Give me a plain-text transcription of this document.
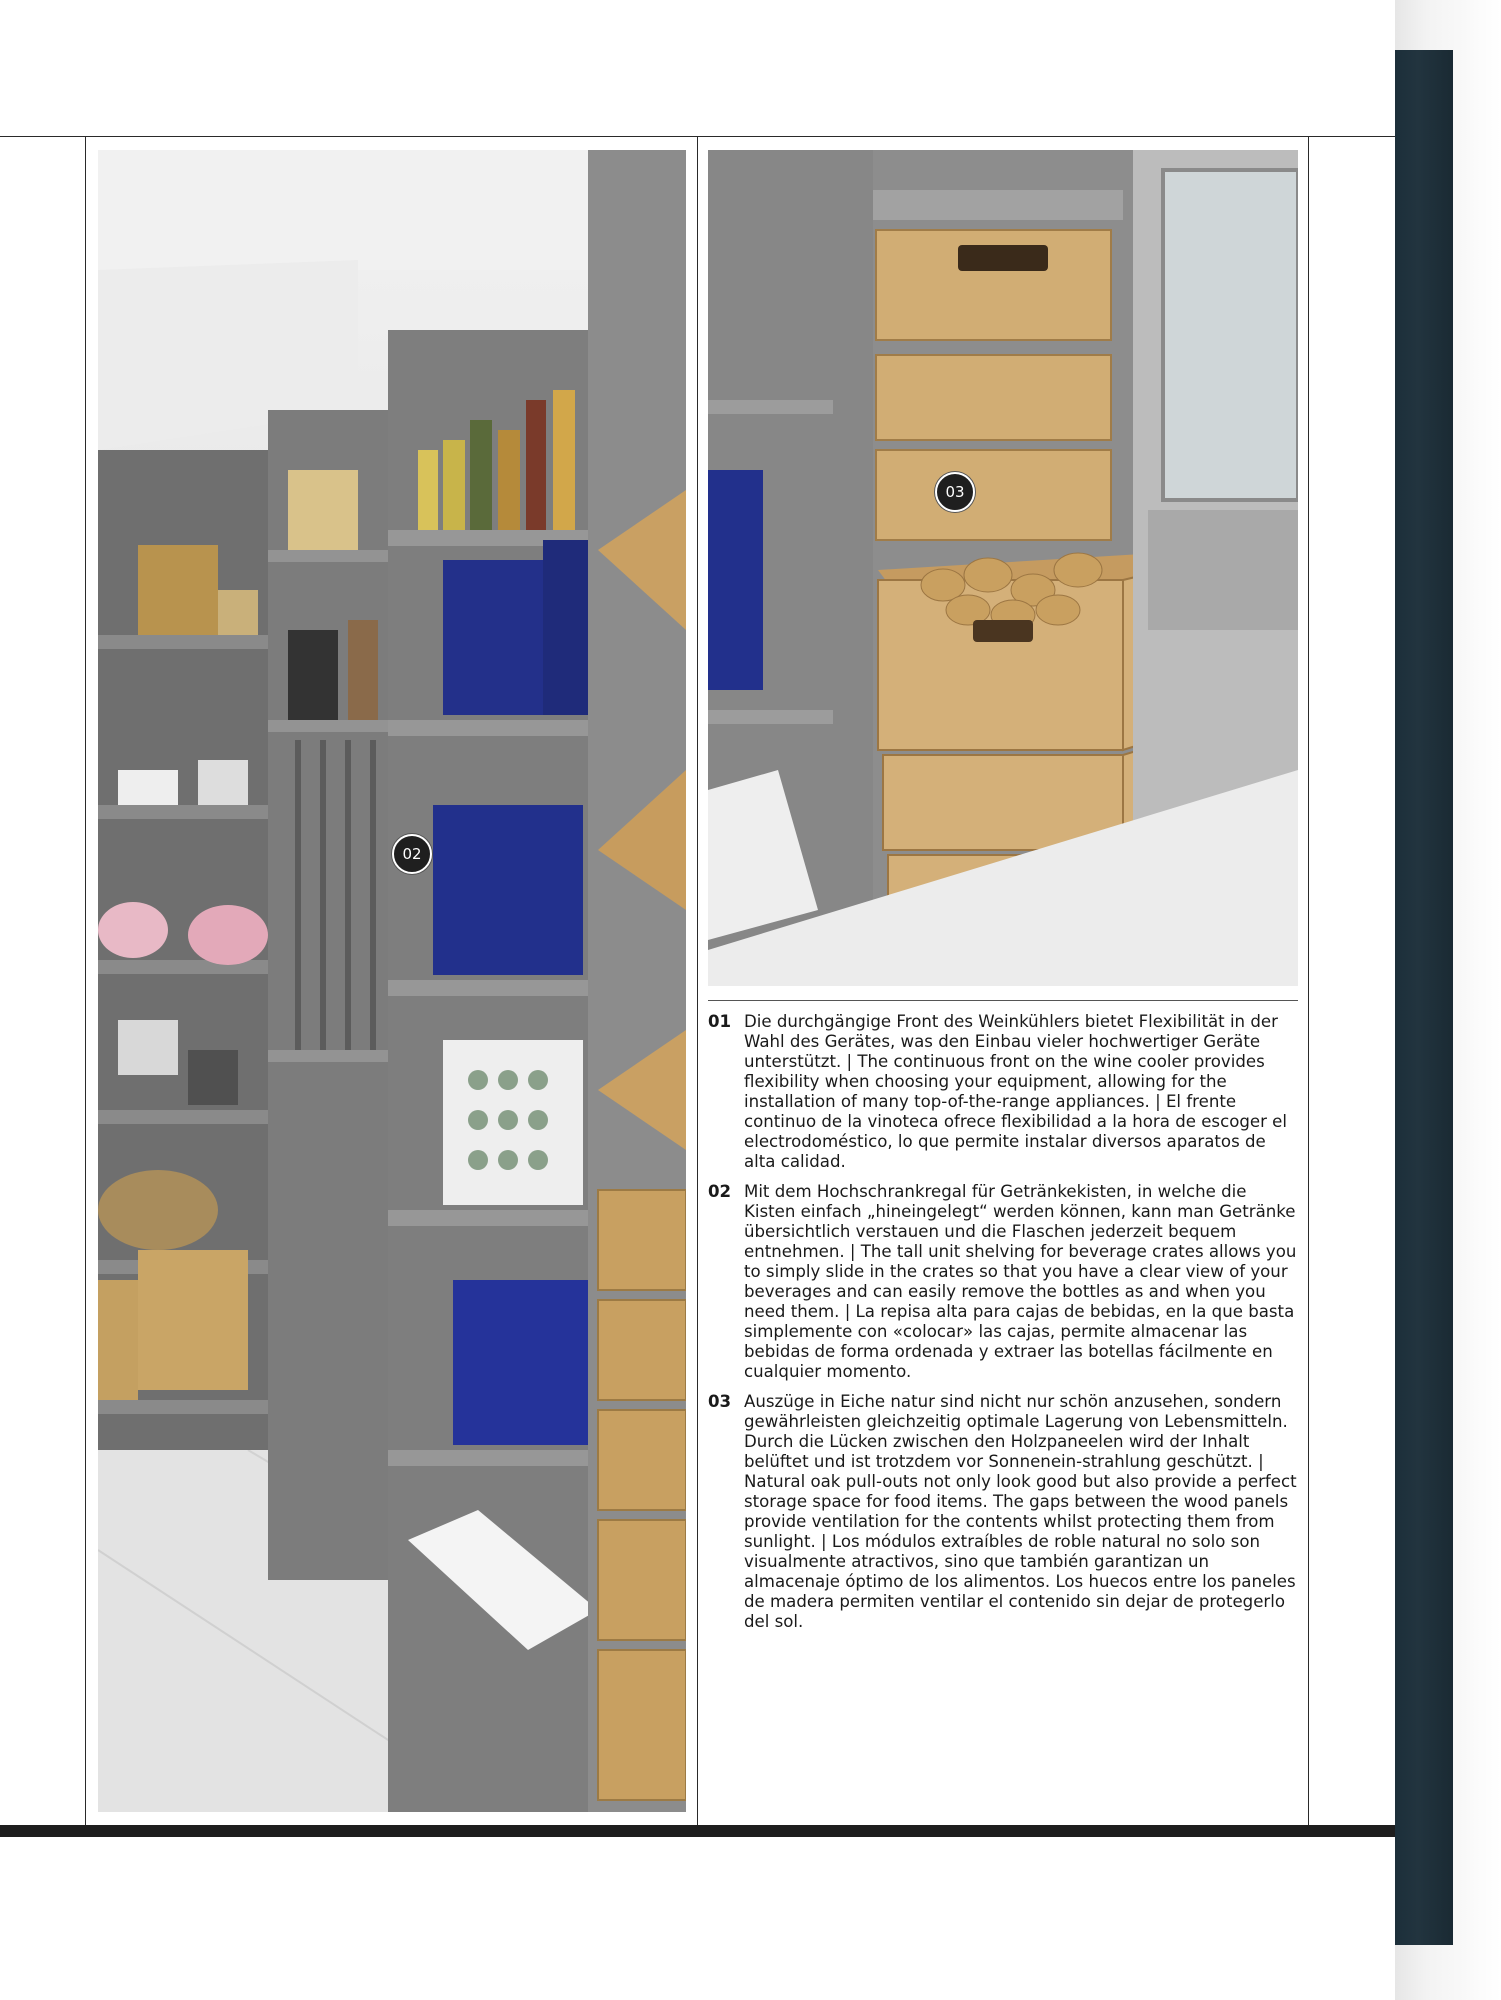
02
03
01 Die durchgängige Front des Weinkühlers bietet Flexibilität in der Wahl des Gerätes, was den Einbau vieler hochwertiger Geräte unterstützt. | The continuous front on the wine cooler provides flexibility when choosing your equipment, allowing for the installation of many top-of-the-range appliances. | El frente continuo de la vinoteca ofrece flexibilidad a la hora de escoger el electrodoméstico, lo que permite instalar diversos aparatos de alta calidad.
02 Mit dem Hochschrankregal für Getränkekisten, in welche die Kisten einfach „hineingelegt“ werden können, kann man Getränke übersichtlich verstauen und die Flaschen jederzeit bequem entnehmen. | The tall unit shelving for beverage crates allows you to simply slide in the crates so that you have a clear view of your beverages and can easily remove the bottles as and when you need them. | La repisa alta para cajas de bebidas, en la que basta simplemente con «colocar» las cajas, permite almacenar las bebidas de forma ordenada y extraer las botellas fácilmente en cualquier momento.
03 Auszüge in Eiche natur sind nicht nur schön anzusehen, sondern gewährleisten gleichzeitig optimale Lagerung von Lebensmitteln. Durch die Lücken zwischen den Holzpaneelen wird der Inhalt belüftet und ist trotzdem vor Sonnenein-strahlung geschützt. | Natural oak pull-outs not only look good but also provide a perfect storage space for food items. The gaps between the wood panels provide ventilation for the contents whilst protecting them from sunlight. | Los módulos extraíbles de roble natural no solo son visualmente atractivos, sino que también garantizan un almacenaje óptimo de los alimentos. Los huecos entre los paneles de madera permiten ventilar el contenido sin dejar de protegerlo del sol.
